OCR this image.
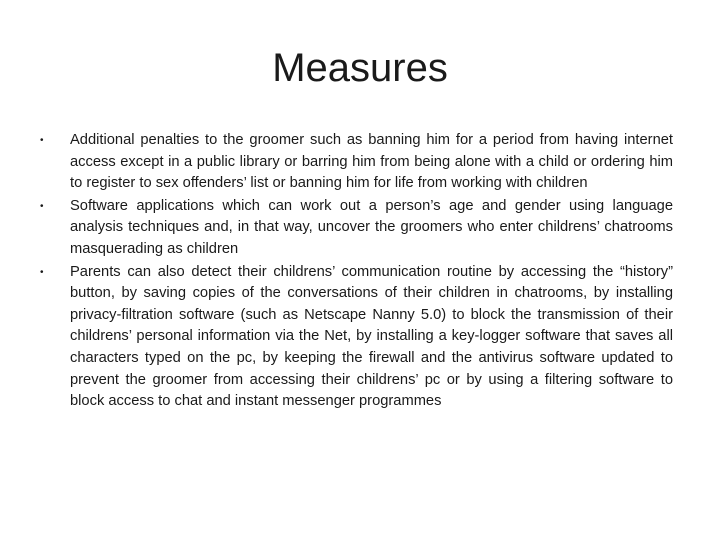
Measures
•	Additional penalties to the groomer such as banning him for a period from having internet access except in a public library or barring him from being alone with a child or ordering him to register to sex offenders’ list or banning him for life from working with children
•	Software applications which can work out a person’s age and gender using language analysis techniques and, in that way, uncover the groomers who enter childrens’ chatrooms masquerading as children
•	Parents can also detect their childrens’ communication routine by accessing the “history” button, by saving copies of the conversations of their children in chatrooms, by installing privacy-filtration software (such as Netscape Nanny 5.0) to block the transmission of their childrens’ personal information via the Net, by installing a key-logger software that saves all characters typed on the pc, by keeping the firewall and the antivirus software updated to prevent the groomer from accessing their childrens’ pc or by using a filtering software to block access to chat and instant messenger programmes
